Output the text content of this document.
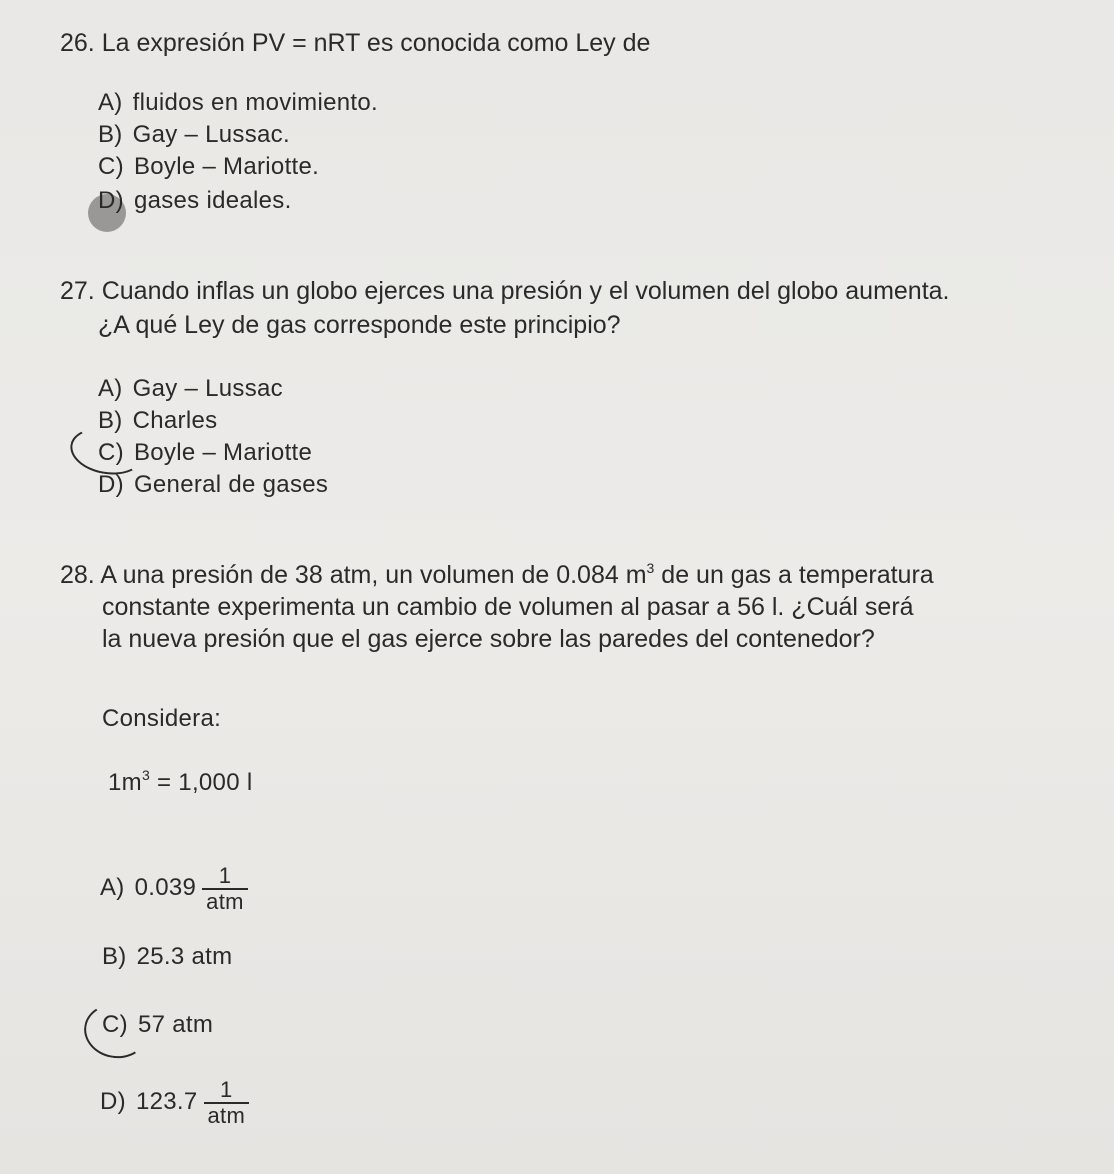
26. La expresión PV = nRT es conocida como Ley de
A) fluidos en movimiento.
B) Gay – Lussac.
C) Boyle – Mariotte.
D) gases ideales.
27. Cuando inflas un globo ejerces una presión y el volumen del globo aumenta.
¿A qué Ley de gas corresponde este principio?
A) Gay – Lussac
B) Charles
C) Boyle – Mariotte
D) General de gases
28. A una presión de 38 atm, un volumen de 0.084 $m^3$ de un gas a temperatura
constante experimenta un cambio de volumen al pasar a 56 l. ¿Cuál será
la nueva presión que el gas ejerce sobre las paredes del contenedor?
Considera:
$1m^3 = 1,000$ l
A) $0.039 \frac{1}{\text{atm}}$
B) 25.3 atm
C) 57 atm
D) $123.7 \frac{1}{\text{atm}}$
